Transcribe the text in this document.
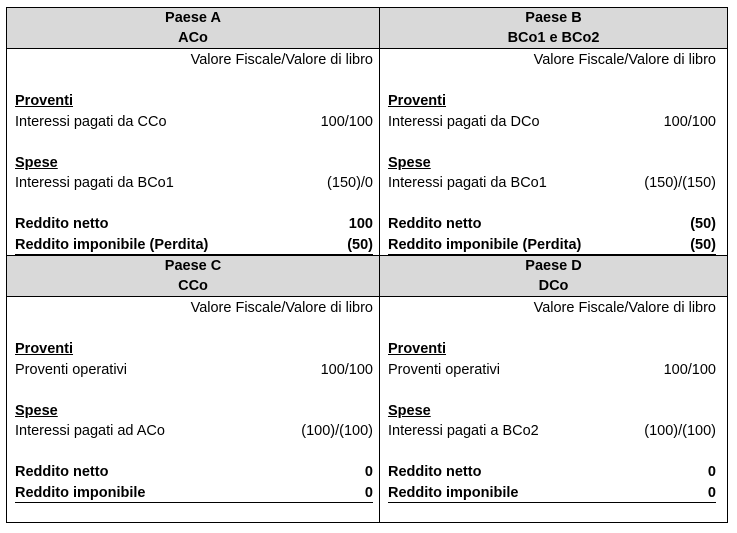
Paese A
ACo
Valore Fiscale/Valore di libro
Proventi
Interessi pagati da CCo	100/100
Spese
Interessi pagati da BCo1	(150)/0
Reddito netto	100
Reddito imponibile (Perdita)	(50)
Paese B
BCo1 e BCo2
Valore Fiscale/Valore di libro
Proventi
Interessi pagati da DCo	100/100
Spese
Interessi pagati da BCo1	(150)/(150)
Reddito netto	(50)
Reddito imponibile (Perdita)	(50)
Paese C
CCo
Valore Fiscale/Valore di libro
Proventi
Proventi operativi	100/100
Spese
Interessi pagati ad ACo	(100)/(100)
Reddito netto	0
Reddito imponibile	0
Paese D
DCo
Valore Fiscale/Valore di libro
Proventi
Proventi operativi	100/100
Spese
Interessi pagati a BCo2	(100)/(100)
Reddito netto	0
Reddito imponibile	0
